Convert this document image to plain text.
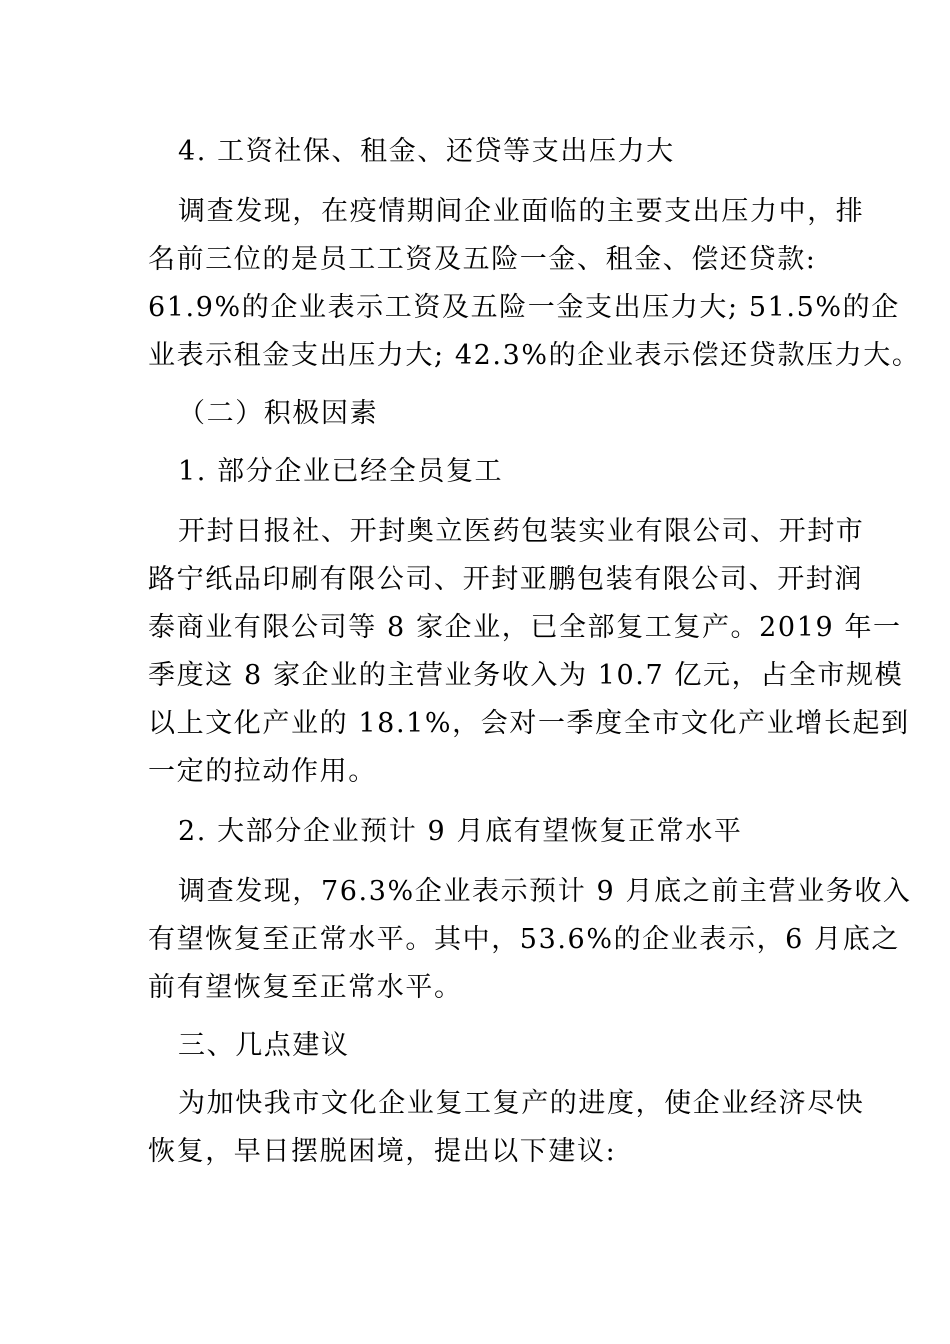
4. 工资社保、租金、还贷等支出压力大
调查发现，在疫情期间企业面临的主要支出压力中，排
名前三位的是员工工资及五险一金、租金、偿还贷款:
61.9%的企业表示工资及五险一金支出压力大; 51.5%的企
业表示租金支出压力大; 42.3%的企业表示偿还贷款压力大。
（二）积极因素
1. 部分企业已经全员复工
开封日报社、开封奥立医药包装实业有限公司、开封市
路宁纸品印刷有限公司、开封亚鹏包装有限公司、开封润
泰商业有限公司等 8 家企业，已全部复工复产。2019 年一
季度这 8 家企业的主营业务收入为 10.7 亿元，占全市规模
以上文化产业的 18.1%，会对一季度全市文化产业增长起到
一定的拉动作用。
2. 大部分企业预计 9 月底有望恢复正常水平
调查发现，76.3%企业表示预计 9 月底之前主营业务收入
有望恢复至正常水平。其中，53.6%的企业表示，6 月底之
前有望恢复至正常水平。
三、几点建议
为加快我市文化企业复工复产的进度，使企业经济尽快
恢复，早日摆脱困境，提出以下建议:
